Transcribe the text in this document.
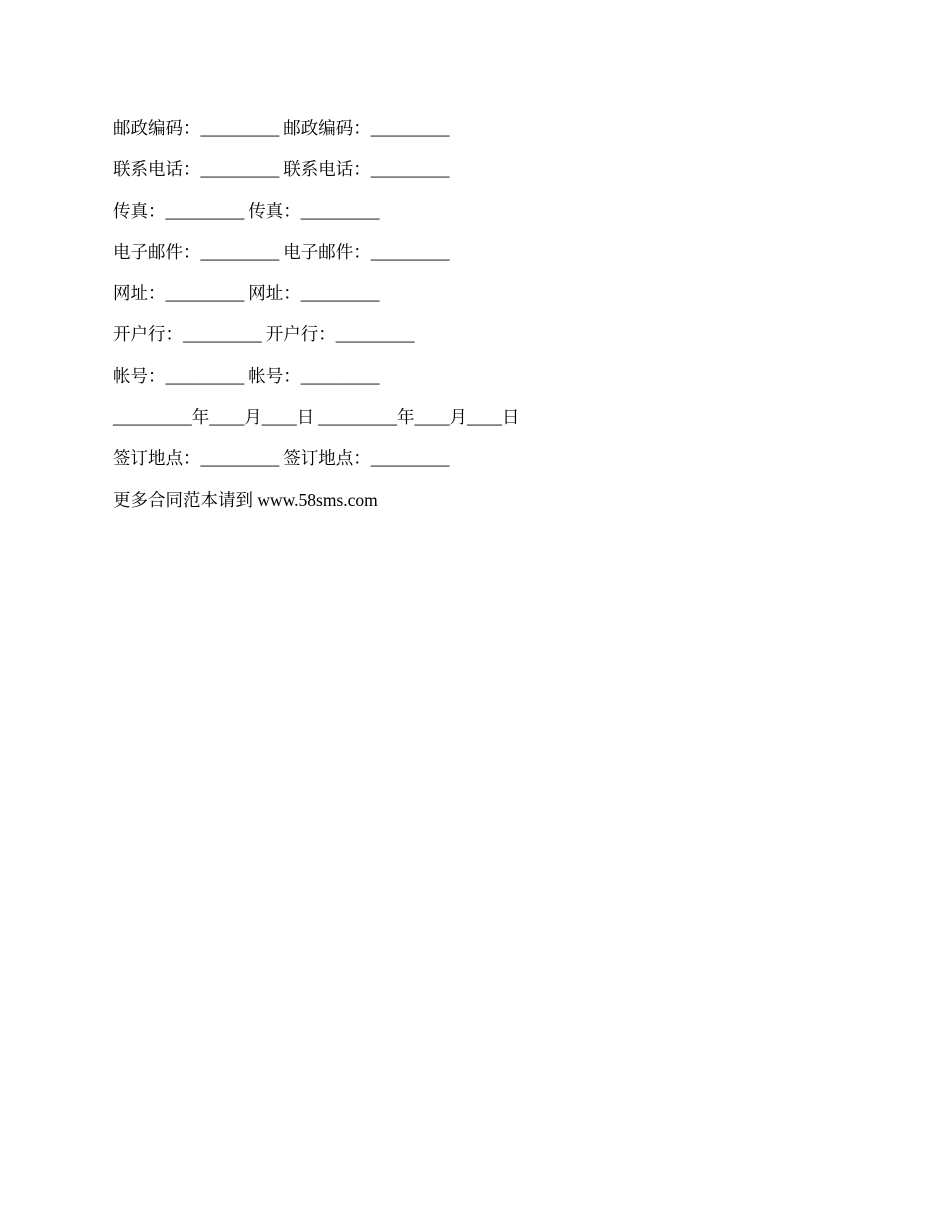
邮政编码：_________ 邮政编码：_________
联系电话：_________ 联系电话：_________
传真：_________ 传真：_________
电子邮件：_________ 电子邮件：_________
网址：_________ 网址：_________
开户行：_________ 开户行：_________
帐号：_________ 帐号：_________
_________年____月____日 _________年____月____日
签订地点：_________ 签订地点：_________
更多合同范本请到 www.58sms.com
